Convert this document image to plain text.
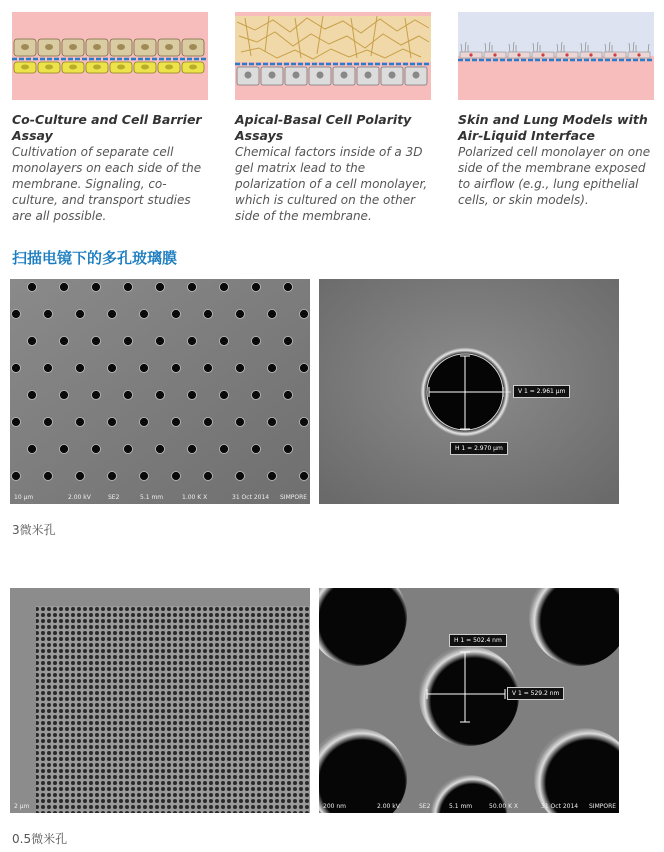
Co-Culture and Cell Barrier Assay
Cultivation of separate cell monolayers on each side of the membrane. Signaling, co-culture, and transport studies are all possible.
Apical-Basal Cell Polarity Assays
Chemical factors inside of a 3D gel matrix lead to the polarization of a cell monolayer, which is cultured on the other side of the membrane.
Skin and Lung Models with Air-Liquid Interface
Polarized cell monolayer on one side of the membrane exposed to airflow (e.g., lung epithelial cells, or skin models).
扫描电镜下的多孔玻璃膜
10 μm	2.00 kV	SE2	5.1 mm	1.00 K X	31 Oct 2014 SIMPORE
V 1 = 2.961 μm
H 1 = 2.970 μm
3微米孔
2 μm
H 1 = 502.4 nm
V 1 = 529.2 nm
200 nm	2.00 kV	SE2	5.1 mm	50.00 K X	31 Oct 2014 SIMPORE
0.5微米孔
